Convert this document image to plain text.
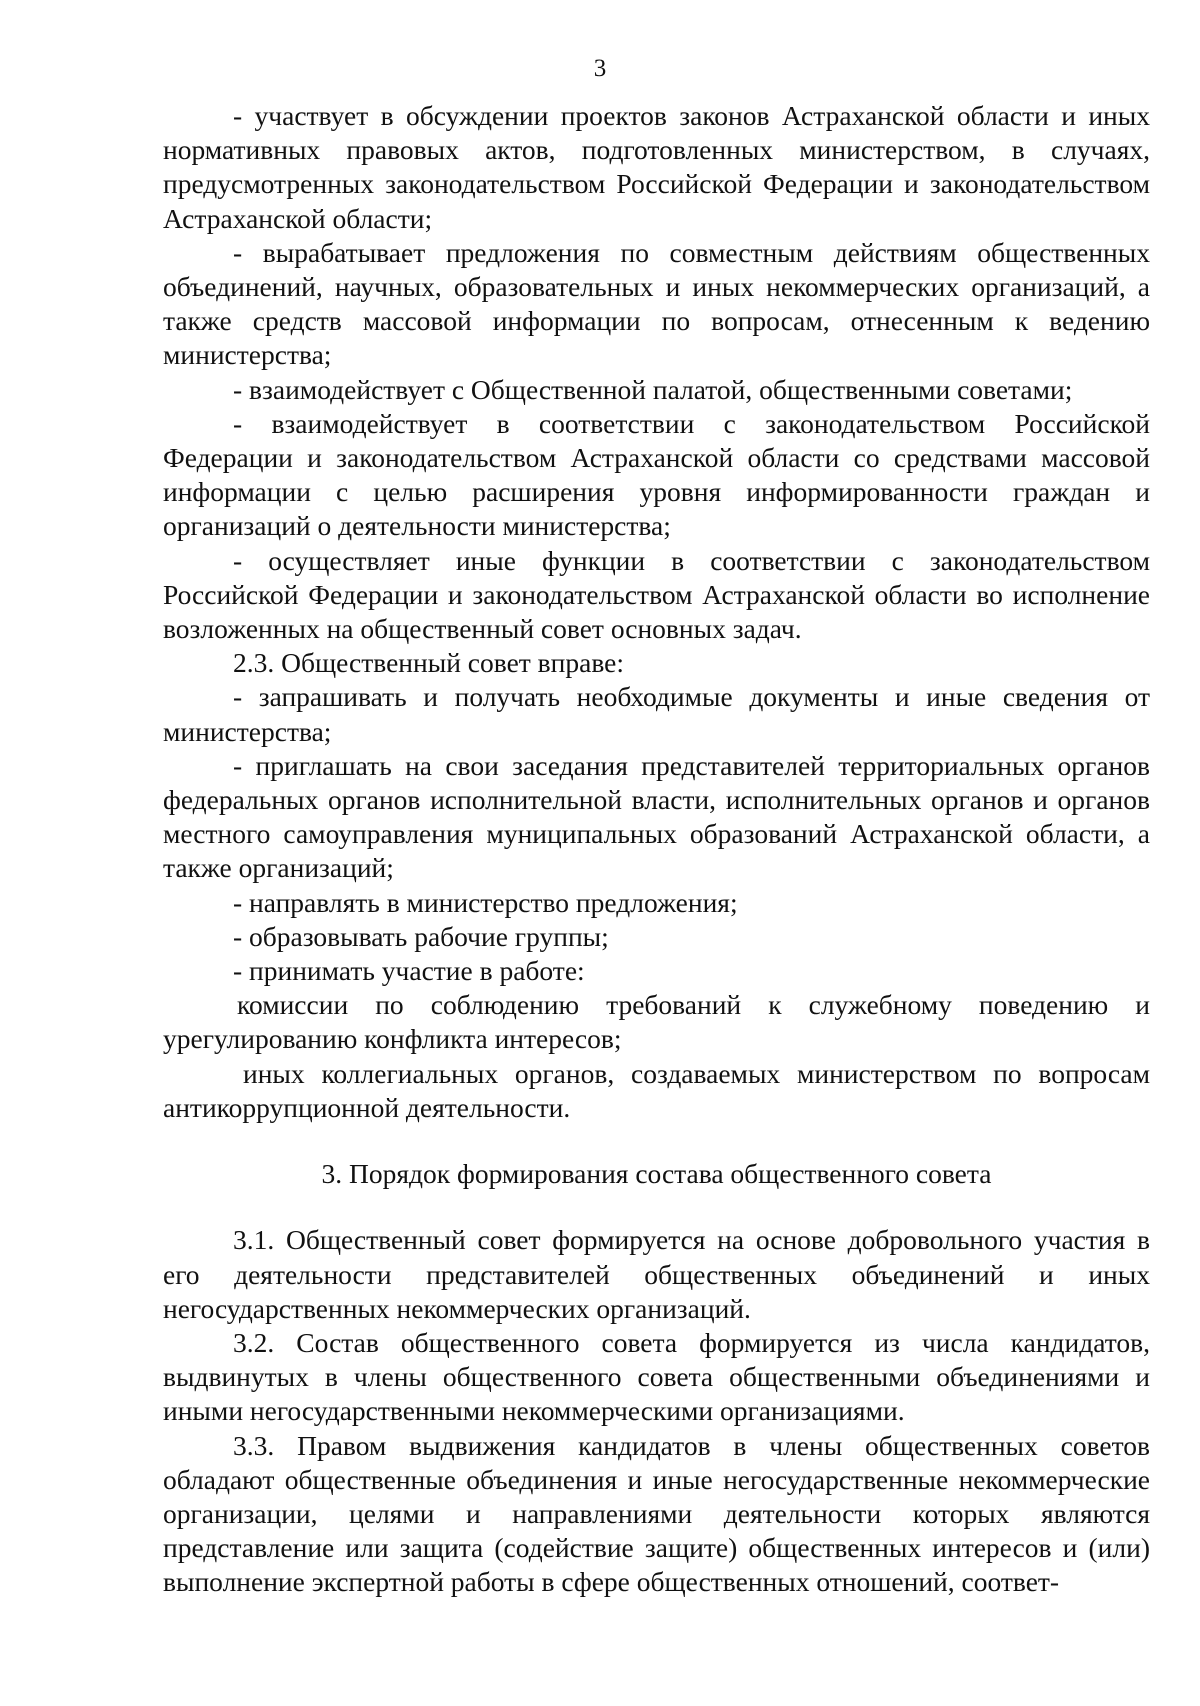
3

- участвует в обсуждении проектов законов Астраханской области и иных нормативных правовых актов, подготовленных министерством, в случаях, предусмотренных законодательством Российской Федерации и законодательством Астраханской области;

- вырабатывает предложения по совместным действиям общественных объединений, научных, образовательных и иных некоммерческих организаций, а также средств массовой информации по вопросам, отнесенным к ведению министерства;

- взаимодействует с Общественной палатой, общественными советами;

- взаимодействует в соответствии с законодательством Российской Федерации и законодательством Астраханской области со средствами массовой информации с целью расширения уровня информированности граждан и организаций о деятельности министерства;

- осуществляет иные функции в соответствии с законодательством Российской Федерации и законодательством Астраханской области во исполнение возложенных на общественный совет основных задач.

2.3. Общественный совет вправе:

- запрашивать и получать необходимые документы и иные сведения от министерства;

- приглашать на свои заседания представителей территориальных органов федеральных органов исполнительной власти, исполнительных органов и органов местного самоуправления муниципальных образований Астраханской области, а также организаций;

- направлять в министерство предложения;

- образовывать рабочие группы;

- принимать участие в работе:

комиссии по соблюдению требований к служебному поведению и урегулированию конфликта интересов;

иных коллегиальных органов, создаваемых министерством по вопросам антикоррупционной деятельности.

3. Порядок формирования состава общественного совета

3.1. Общественный совет формируется на основе добровольного участия в его деятельности представителей общественных объединений и иных негосударственных некоммерческих организаций.

3.2. Состав общественного совета формируется из числа кандидатов, выдвинутых в члены общественного совета общественными объединениями и иными негосударственными некоммерческими организациями.

3.3. Правом выдвижения кандидатов в члены общественных советов обладают общественные объединения и иные негосударственные некоммерческие организации, целями и направлениями деятельности которых являются представление или защита (содействие защите) общественных интересов и (или) выполнение экспертной работы в сфере общественных отношений, соответ-
